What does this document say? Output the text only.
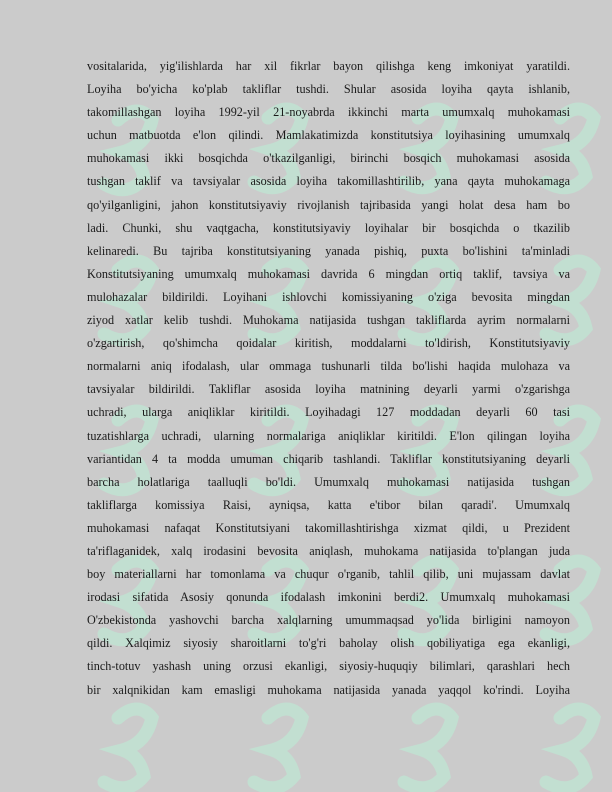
vositalarida, yig'ilishlarda har xil fikrlar bayon qilishga keng imkoniyat yaratildi.
Loyiha bo'yicha ko'plab takliflar tushdi. Shular asosida loyiha qayta ishlanib,
takomillashgan loyiha 1992-yil 21-noyabrda ikkinchi marta umumxalq muhokamasi
uchun matbuotda e'lon qilindi. Mamlakatimizda konstitutsiya loyihasining umumxalq
muhokamasi ikki bosqichda o'tkazilganligi, birinchi bosqich muhokamasi asosida
tushgan taklif va tavsiyalar asosida loyiha takomillashtirilib, yana qayta muhokamaga
qo'yilganligini, jahon konstitutsiyaviy rivojlanish tajribasida yangi holat desa ham bo
ladi. Chunki, shu vaqtgacha, konstitutsiyaviy loyihalar bir bosqichda o tkazilib
kelinaredi. Bu tajriba konstitutsiyaning yanada pishiq, puxta bo'lishini ta'minladi
Konstitutsiyaning umumxalq muhokamasi davrida 6 mingdan ortiq taklif, tavsiya va
mulohazalar bildirildi. Loyihani ishlovchi komissiyaning o'ziga bevosita mingdan
ziyod xatlar kelib tushdi. Muhokama natijasida tushgan takliflarda ayrim normalarni
o'zgartirish, qo'shimcha qoidalar kiritish, moddalarni to'ldirish, Konstitutsiyaviy
normalarni aniq ifodalash, ular ommaga tushunarli tilda bo'lishi haqida mulohaza va
tavsiyalar bildirildi. Takliflar asosida loyiha matnining deyarli yarmi o'zgarishga
uchradi, ularga aniqliklar kiritildi. Loyihadagi 127 moddadan deyarli 60 tasi
tuzatishlarga uchradi, ularning normalariga aniqliklar kiritildi. E'lon qilingan loyiha
variantidan 4 ta modda umuman chiqarib tashlandi. Takliflar konstitutsiyaning deyarli
barcha holatlariga taalluqli bo'ldi. Umumxalq muhokamasi natijasida tushgan
takliflarga komissiya Raisi, ayniqsa, katta e'tibor bilan qaradi'. Umumxalq
muhokamasi nafaqat Konstitutsiyani takomillashtirishga xizmat qildi, u Prezident
ta'riflaganidek, xalq irodasini bevosita aniqlash, muhokama natijasida to'plangan juda
boy materiallarni har tomonlama va chuqur o'rganib, tahlil qilib, uni mujassam davlat
irodasi sifatida Asosiy qonunda ifodalash imkonini berdi2. Umumxalq muhokamasi
O'zbekistonda yashovchi barcha xalqlarning umummaqsad yo'lida birligini namoyon
qildi. Xalqimiz siyosiy sharoitlarni to'g'ri baholay olish qobiliyatiga ega ekanligi,
tinch-totuv yashash uning orzusi ekanligi, siyosiy-huquqiy bilimlari, qarashlari hech
bir xalqnikidan kam emasligi muhokama natijasida yanada yaqqol ko'rindi. Loyiha
